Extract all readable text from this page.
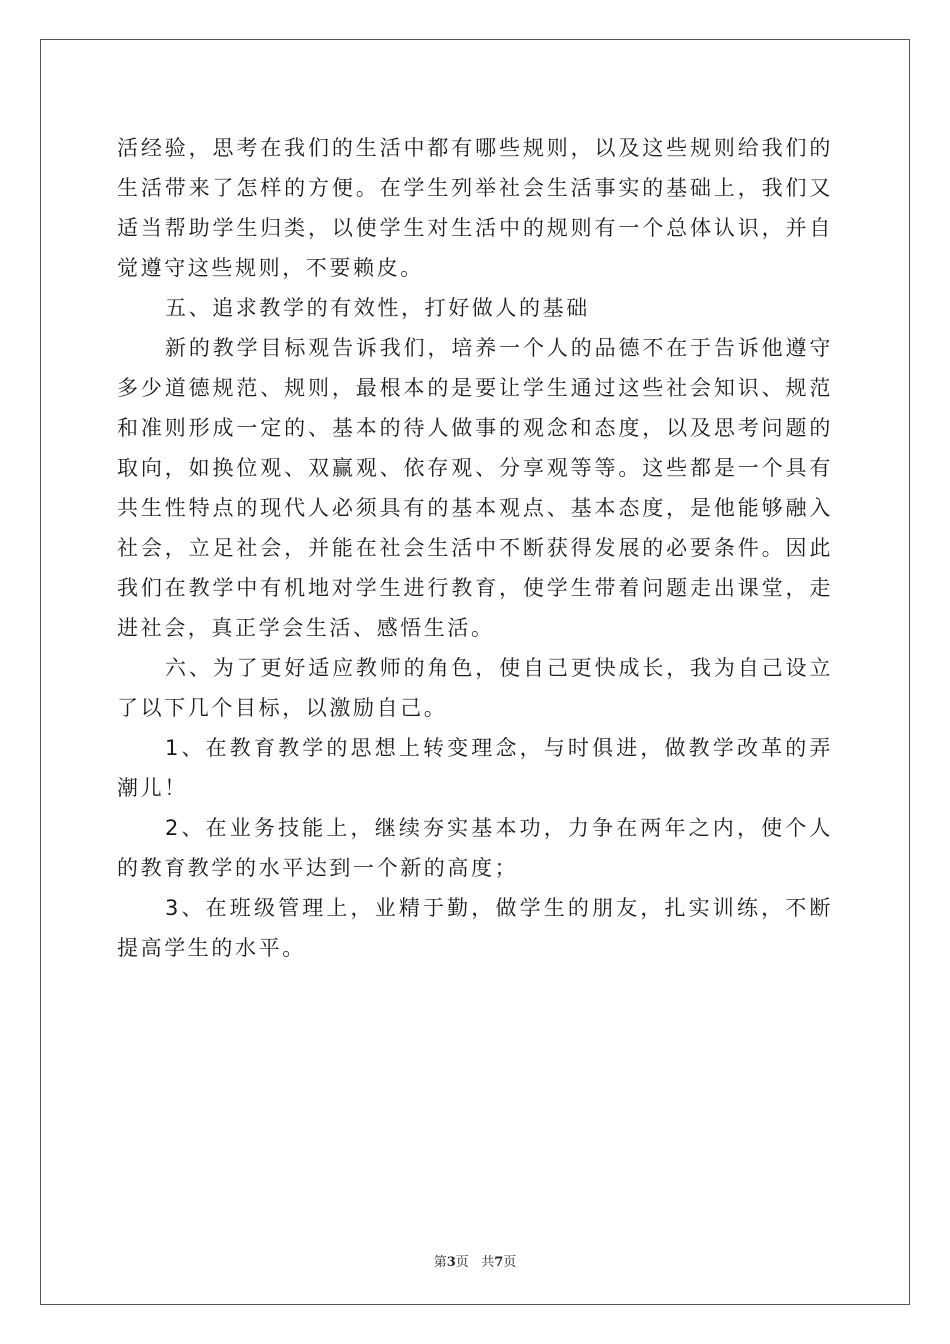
活经验，思考在我们的生活中都有哪些规则，以及这些规则给我们的生活带来了怎样的方便。在学生列举社会生活事实的基础上，我们又适当帮助学生归类，以使学生对生活中的规则有一个总体认识，并自觉遵守这些规则，不要赖皮。

五、追求教学的有效性，打好做人的基础

新的教学目标观告诉我们，培养一个人的品德不在于告诉他遵守多少道德规范、规则，最根本的是要让学生通过这些社会知识、规范和准则形成一定的、基本的待人做事的观念和态度，以及思考问题的取向，如换位观、双赢观、依存观、分享观等等。这些都是一个具有共生性特点的现代人必须具有的基本观点、基本态度，是他能够融入社会，立足社会，并能在社会生活中不断获得发展的必要条件。因此我们在教学中有机地对学生进行教育，使学生带着问题走出课堂，走进社会，真正学会生活、感悟生活。

六、为了更好适应教师的角色，使自己更快成长，我为自己设立了以下几个目标，以激励自己。

1、在教育教学的思想上转变理念，与时俱进，做教学改革的弄潮儿！

2、在业务技能上，继续夯实基本功，力争在两年之内，使个人的教育教学的水平达到一个新的高度；

3、在班级管理上，业精于勤，做学生的朋友，扎实训练，不断提高学生的水平。

第3页 共7页
